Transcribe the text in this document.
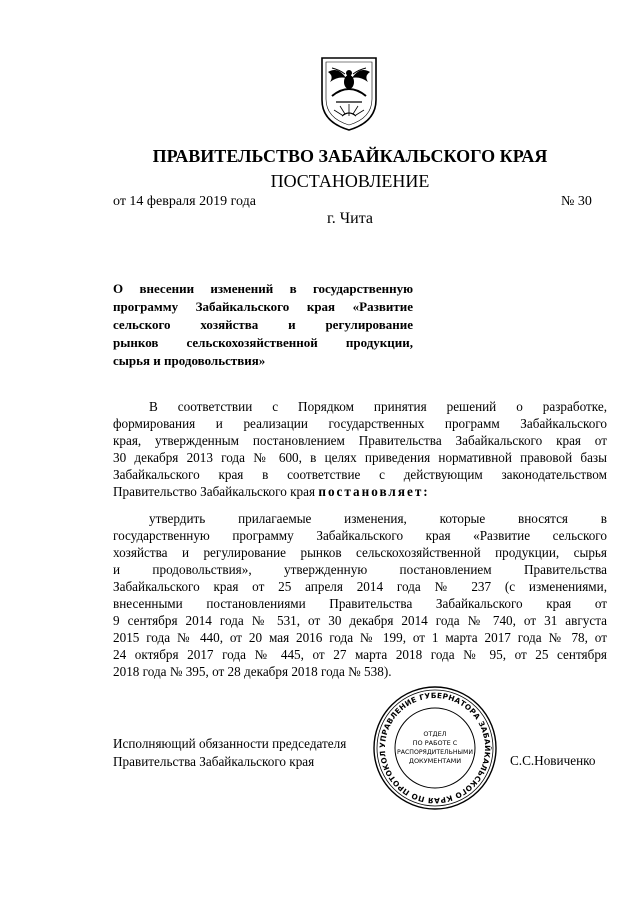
ПРАВИТЕЛЬСТВО ЗАБАЙКАЛЬСКОГО КРАЯ
ПОСТАНОВЛЕНИЕ
от 14 февраля 2019 года	№ 30
г. Чита
О внесении изменений в государственную
программу Забайкальского края «Развитие
сельского хозяйства и регулирование
рынков сельскохозяйственной продукции,
сырья и продовольствия»
В соответствии с Порядком принятия решений о разработке,
формирования и реализации государственных программ Забайкальского
края, утвержденным постановлением Правительства Забайкальского края от
30 декабря 2013 года № 600, в целях приведения нормативной правовой базы
Забайкальского края в соответствие с действующим законодательством
Правительство Забайкальского края постановляет:
утвердить прилагаемые изменения, которые вносятся в
государственную программу Забайкальского края «Развитие сельского
хозяйства и регулирование рынков сельскохозяйственной продукции, сырья
и продовольствия», утвержденную постановлением Правительства
Забайкальского края от 25 апреля 2014 года № 237 (с изменениями,
внесенными постановлениями Правительства Забайкальского края от
9 сентября 2014 года № 531, от 30 декабря 2014 года № 740, от 31 августа
2015 года № 440, от 20 мая 2016 года № 199, от 1 марта 2017 года № 78, от
24 октября 2017 года № 445, от 27 марта 2018 года № 95, от 25 сентября
2018 года № 395, от 28 декабря 2018 года № 538).
Исполняющий обязанности председателя
Правительства Забайкальского края	С.С.Новиченко
УПРАВЛЕНИЕ ГУБЕРНАТОРА ЗАБАЙКАЛЬСКОГО КРАЯ ПО ПРОТОКОЛ
ОТДЕЛ
ПО РАБОТЕ С
РАСПОРЯДИТЕЛЬНЫМИ
ДОКУМЕНТАМИ
